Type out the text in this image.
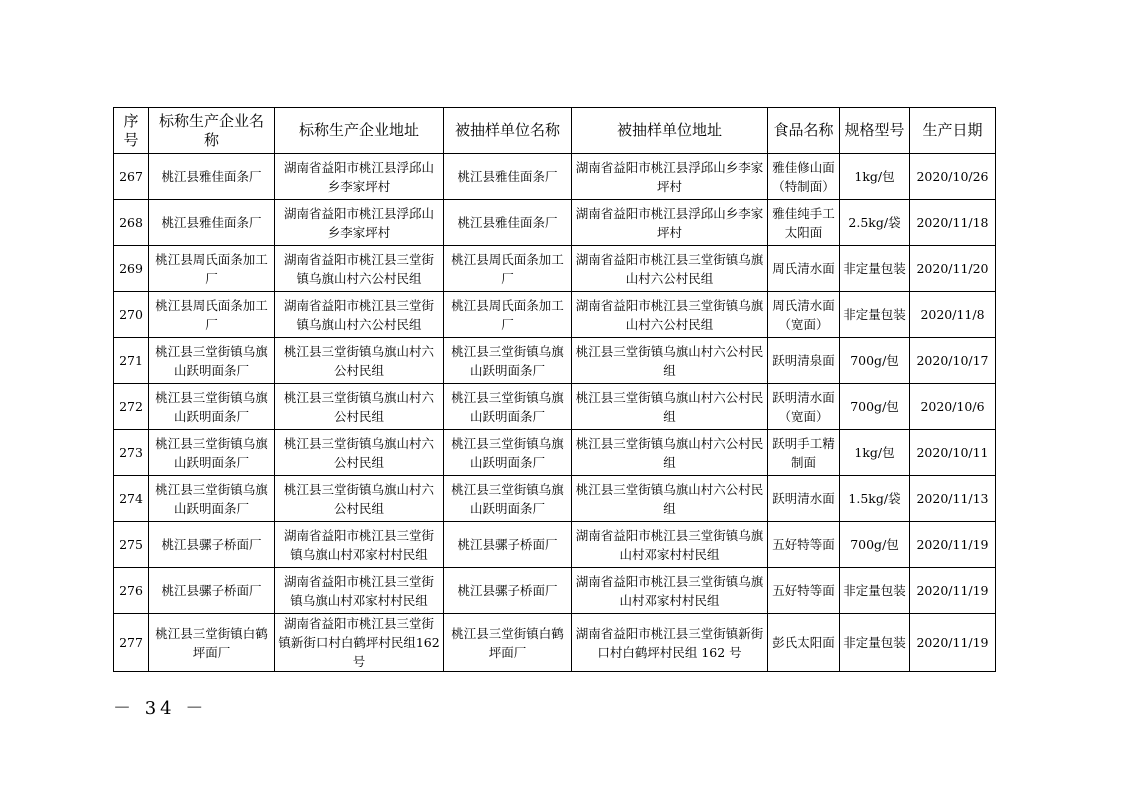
序号	标称生产企业名称	标称生产企业地址	被抽样单位名称	被抽样单位地址	食品名称	规格型号	生产日期
267	桃江县雅佳面条厂	湖南省益阳市桃江县浮邱山乡李家坪村	桃江县雅佳面条厂	湖南省益阳市桃江县浮邱山乡李家坪村	雅佳修山面（特制面）	1kg/包	2020/10/26
268	桃江县雅佳面条厂	湖南省益阳市桃江县浮邱山乡李家坪村	桃江县雅佳面条厂	湖南省益阳市桃江县浮邱山乡李家坪村	雅佳纯手工太阳面	2.5kg/袋	2020/11/18
269	桃江县周氏面条加工厂	湖南省益阳市桃江县三堂街镇乌旗山村六公村民组	桃江县周氏面条加工厂	湖南省益阳市桃江县三堂街镇乌旗山村六公村民组	周氏清水面	非定量包装	2020/11/20
270	桃江县周氏面条加工厂	湖南省益阳市桃江县三堂街镇乌旗山村六公村民组	桃江县周氏面条加工厂	湖南省益阳市桃江县三堂街镇乌旗山村六公村民组	周氏清水面（宽面）	非定量包装	2020/11/8
271	桃江县三堂街镇乌旗山跃明面条厂	桃江县三堂街镇乌旗山村六公村民组	桃江县三堂街镇乌旗山跃明面条厂	桃江县三堂街镇乌旗山村六公村民组	跃明清泉面	700g/包	2020/10/17
272	桃江县三堂街镇乌旗山跃明面条厂	桃江县三堂街镇乌旗山村六公村民组	桃江县三堂街镇乌旗山跃明面条厂	桃江县三堂街镇乌旗山村六公村民组	跃明清水面（宽面）	700g/包	2020/10/6
273	桃江县三堂街镇乌旗山跃明面条厂	桃江县三堂街镇乌旗山村六公村民组	桃江县三堂街镇乌旗山跃明面条厂	桃江县三堂街镇乌旗山村六公村民组	跃明手工精制面	1kg/包	2020/10/11
274	桃江县三堂街镇乌旗山跃明面条厂	桃江县三堂街镇乌旗山村六公村民组	桃江县三堂街镇乌旗山跃明面条厂	桃江县三堂街镇乌旗山村六公村民组	跃明清水面	1.5kg/袋	2020/11/13
275	桃江县骡子桥面厂	湖南省益阳市桃江县三堂街镇乌旗山村邓家村村民组	桃江县骡子桥面厂	湖南省益阳市桃江县三堂街镇乌旗山村邓家村村民组	五好特等面	700g/包	2020/11/19
276	桃江县骡子桥面厂	湖南省益阳市桃江县三堂街镇乌旗山村邓家村村民组	桃江县骡子桥面厂	湖南省益阳市桃江县三堂街镇乌旗山村邓家村村民组	五好特等面	非定量包装	2020/11/19
277	桃江县三堂街镇白鹤坪面厂	湖南省益阳市桃江县三堂街镇新街口村白鹤坪村民组162号	桃江县三堂街镇白鹤坪面厂	湖南省益阳市桃江县三堂街镇新街口村白鹤坪村民组 162 号	彭氏太阳面	非定量包装	2020/11/19
－ 34 －
